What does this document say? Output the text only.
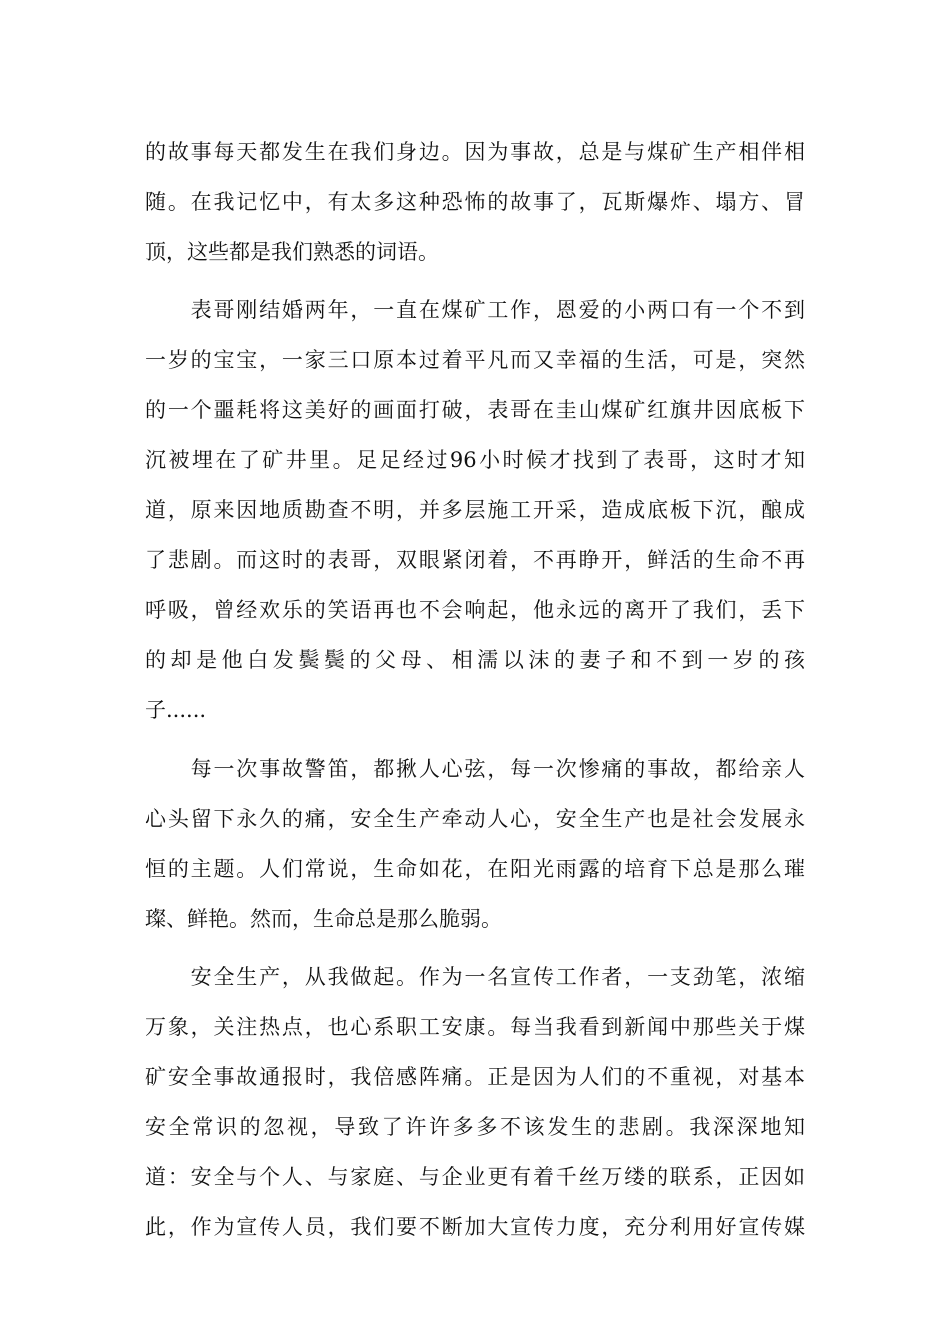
的故事每天都发生在我们身边。因为事故，总是与煤矿生产相伴相
随。在我记忆中，有太多这种恐怖的故事了，瓦斯爆炸、塌方、冒
顶，这些都是我们熟悉的词语。
　　表哥刚结婚两年，一直在煤矿工作，恩爱的小两口有一个不到
一岁的宝宝，一家三口原本过着平凡而又幸福的生活，可是，突然
的一个噩耗将这美好的画面打破，表哥在圭山煤矿红旗井因底板下
沉被埋在了矿井里。足足经过96小时候才找到了表哥，这时才知
道，原来因地质勘查不明，并多层施工开采，造成底板下沉，酿成
了悲剧。而这时的表哥，双眼紧闭着，不再睁开，鲜活的生命不再
呼吸，曾经欢乐的笑语再也不会响起，他永远的离开了我们，丢下
的却是他白发鬓鬓的父母、相濡以沫的妻子和不到一岁的孩
子......
　　每一次事故警笛，都揪人心弦，每一次惨痛的事故，都给亲人
心头留下永久的痛，安全生产牵动人心，安全生产也是社会发展永
恒的主题。人们常说，生命如花，在阳光雨露的培育下总是那么璀
璨、鲜艳。然而，生命总是那么脆弱。
　　安全生产，从我做起。作为一名宣传工作者，一支劲笔，浓缩
万象，关注热点，也心系职工安康。每当我看到新闻中那些关于煤
矿安全事故通报时，我倍感阵痛。正是因为人们的不重视，对基本
安全常识的忽视，导致了许许多多不该发生的悲剧。我深深地知
道：安全与个人、与家庭、与企业更有着千丝万缕的联系，正因如
此，作为宣传人员，我们要不断加大宣传力度，充分利用好宣传媒
